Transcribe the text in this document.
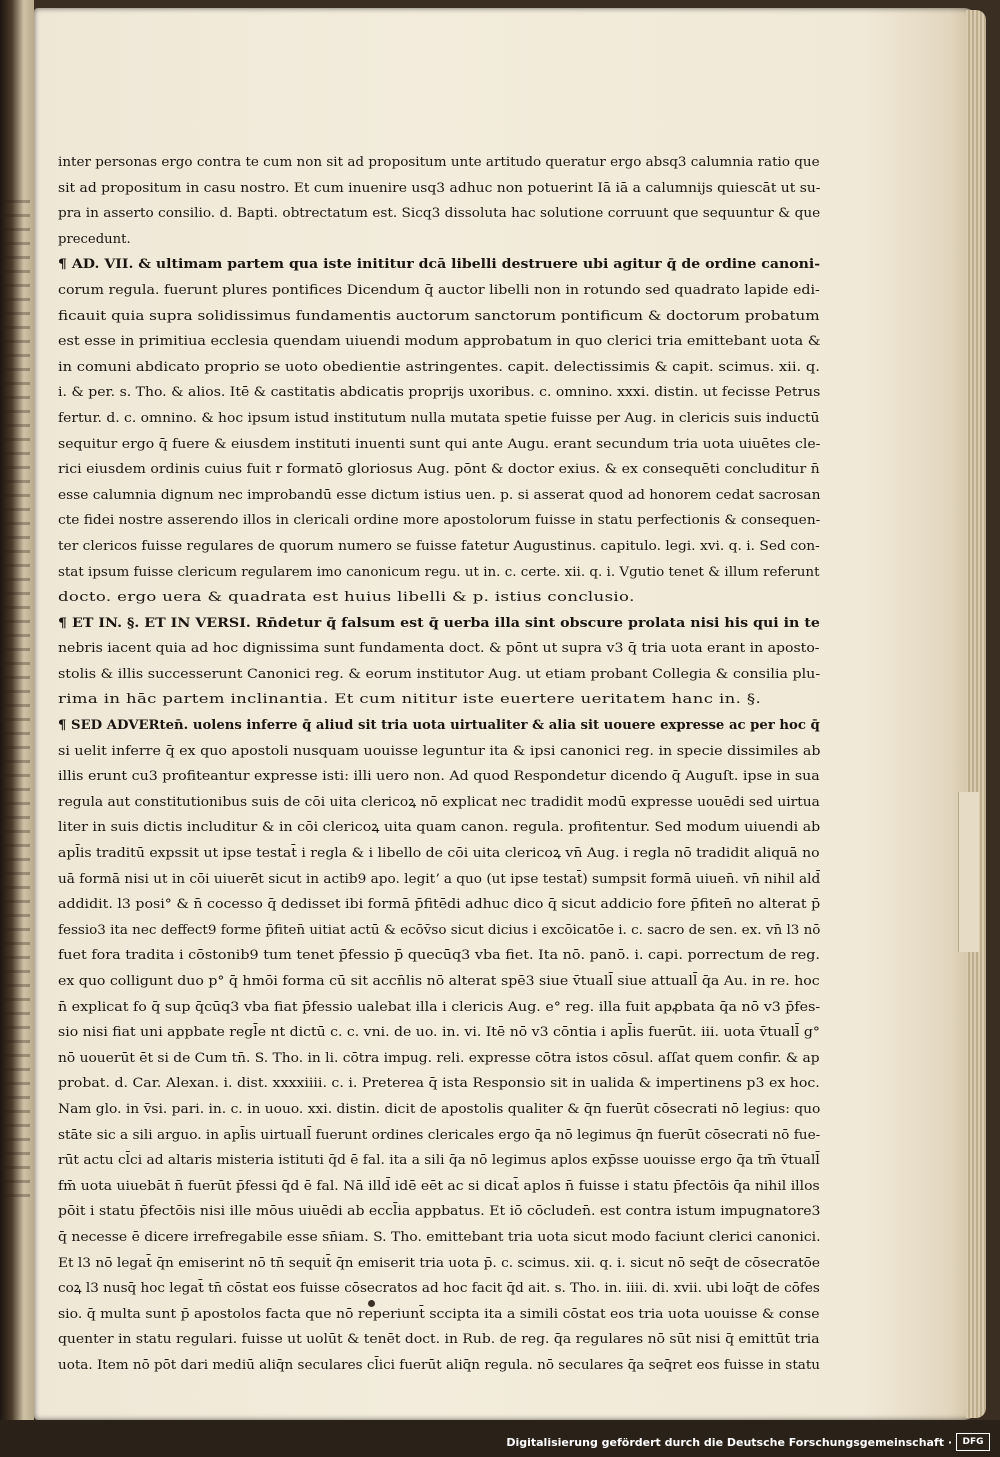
inter personas ergo contra te cum non sit ad propositum unte artitudo queratur ergo absq3 calumnia ratio que
sit ad propositum in casu nostro. Et cum inuenire usq3 adhuc non potuerint Iā iā a calumnijs quiescāt ut su-
pra in asserto consilio. d. Bapti. obtrectatum est. Sicq3 dissoluta hac solutione corruunt que sequuntur & que
precedunt.
¶ AD. VII. & ultimam partem qua iste inititur dcā libelli destruere ubi agitur q̄ de ordine canoni-
corum regula. fuerunt plures pontifices Dicendum q̄ auctor libelli non in rotundo sed quadrato lapide edi-
ficauit quia supra solidissimus fundamentis auctorum sanctorum pontificum & doctorum probatum
est esse in primitiua ecclesia quendam uiuendi modum approbatum in quo clerici tria emittebant uota &
in comuni abdicato proprio se uoto obedientie astringentes. capit. delectissimis & capit. scimus. xii. q.
i. & per. s. Tho. & alios. Itē & castitatis abdicatis proprijs uxoribus. c. omnino. xxxi. distin. ut fecisse Petrus
fertur. d. c. omnino. & hoc ipsum istud institutum nulla mutata spetie fuisse per Aug. in clericis suis inductū
sequitur ergo q̄ fuere & eiusdem instituti inuenti sunt qui ante Augu. erant secundum tria uota uiuētes cle-
rici eiusdem ordinis cuius fuit r formatō gloriosus Aug. pōnt & doctor exius. & ex consequēti concluditur n̄
esse calumnia dignum nec improbandū esse dictum istius uen. p. si asserat quod ad honorem cedat sacrosan
cte fidei nostre asserendo illos in clericali ordine more apostolorum fuisse in statu perfectionis & consequen-
ter clericos fuisse regulares de quorum numero se fuisse fatetur Augustinus. capitulo. legi. xvi. q. i. Sed con-
stat ipsum fuisse clericum regularem imo canonicum regu. ut in. c. certe. xii. q. i. Vgutio tenet & illum referunt
docto. ergo uera & quadrata est huius libelli & p. istius conclusio.
¶ ET IN. §. ET IN VERSI. Rn̄detur q̄ falsum est q̄ uerba illa sint obscure prolata nisi his qui in te
nebris iacent quia ad hoc dignissima sunt fundamenta doct. & pōnt ut supra v3 q̄ tria uota erant in aposto-
stolis & illis successerunt Canonici reg. & eorum institutor Aug. ut etiam probant Collegia & consilia plu-
rima in hāc partem inclinantia. Et cum nititur iste euertere ueritatem hanc in. §.
¶ SED ADVERten̄. uolens inferre q̄ aliud sit tria uota uirtualiter & alia sit uouere expresse ac per hoc q̄
si uelit inferre q̄ ex quo apostoli nusquam uouisse leguntur ita & ipsi canonici reg. in specie dissimiles ab
illis erunt cu3 profiteantur expresse isti: illi uero non. Ad quod Respondetur dicendo q̄ Auguſt. ipse in sua
regula aut constitutionibus suis de cōi uita clericoꝝ nō explicat nec tradidit modū expresse uouēdi sed uirtua
liter in suis dictis includitur & in cōi clericoꝝ uita quam canon. regula. profitentur. Sed modum uiuendi ab
apl̄is traditū expssit ut ipse testat̄ i regla & i libello de cōi uita clericoꝝ vn̄ Aug. i regla nō tradidit aliquā no
uā formā nisi ut in cōi uiuerēt sicut in actib9 apo. legitʼ a quo (ut ipse testat̄) sumpsit formā uiuen̄. vn̄ nihil ald̄
addidit. l3 posi° & n̄ cocesso q̄ dedisset ibi formā p̄fitēdi adhuc dico q̄ sicut addicio fore p̄fiten̄ no alterat p̄
fessio3 ita nec deffect9 forme p̄fiten̄ uitiat actū & ecōv̄so sicut dicius i excōicatōe i. c. sacro de sen. ex. vn̄ l3 nō
fuet fora tradita i cōstonib9 tum tenet p̄fessio p̄ quecūq3 vba fiet. Ita nō. panō. i. capi. porrectum de reg.
ex quo colligunt duo p° q̄ hmōi forma cū sit accn̄lis nō alterat spē3 siue v̄tuall̄ siue attuall̄ q̄a Au. in re. hoc
n̄ explicat fo q̄ sup q̄cūq3 vba fiat p̄fessio ualebat illa i clericis Aug. e° reg. illa fuit apꝓbata q̄a nō v3 p̄fes-
sio nisi fiat uni appbate regl̄e nt dictū c. c. vni. de uo. in. vi. Itē nō v3 cōntia i apl̄is fuerūt. iii. uota v̄tuall̄ g°
nō uouerūt ēt si de Cum tn̄. S. Tho. in li. cōtra impug. reli. expresse cōtra istos cōsul. aſſat quem confir. & ap
probat. d. Car. Alexan. i. dist. xxxxiiii. c. i. Preterea q̄ ista Responsio sit in ualida & impertinens p3 ex hoc.
Nam glo. in v̄si. pari. in. c. in uouo. xxi. distin. dicit de apostolis qualiter & q̄n fuerūt cōsecrati nō legius: quo
stāte sic a sili arguo. in apl̄is uirtuall̄ fuerunt ordines clericales ergo q̄a nō legimus q̄n fuerūt cōsecrati nō fue-
rūt actu cl̄ci ad altaris misteria istituti q̄d ē fal. ita a sili q̄a nō legimus aplos exp̄sse uouisse ergo q̄a tm̄ v̄tuall̄
fm̄ uota uiuebāt n̄ fuerūt p̄fessi q̄d ē fal. Nā illd̄ idē eēt ac si dicat̄ aplos n̄ fuisse i statu p̄fectōis q̄a nihil illos
pōit i statu p̄fectōis nisi ille mōus uiuēdi ab eccl̄ia appbatus. Et iō cōcluden̄. est contra istum impugnatore3
q̄ necesse ē dicere irrefregabile esse sn̄iam. S. Tho. emittebant tria uota sicut modo faciunt clerici canonici.
Et l3 nō legat̄ q̄n emiserint nō tn̄ sequit̄ q̄n emiserit tria uota p̄. c. scimus. xii. q. i. sicut nō seq̄t de cōsecratōe
coꝝ l3 nusq̄ hoc legat̄ tn̄ cōstat eos fuisse cōsecratos ad hoc facit q̄d ait. s. Tho. in. iiii. di. xvii. ubi loq̄t de cōfes
sio. q̄ multa sunt p̄ apostolos facta que nō reperiunt̄ sccipta ita a simili cōstat eos tria uota uouisse & conse
quenter in statu regulari. fuisse ut uolūt & tenēt doct. in Rub. de reg. q̄a regulares nō sūt nisi q̄ emittūt tria
uota. Item nō pōt dari mediū aliq̄n seculares cl̄ici fuerūt aliq̄n regula. nō seculares q̄a seq̄ret eos fuisse in statu
Digitalisierung gefördert durch die Deutsche Forschungsgemeinschaft ·	DFG
